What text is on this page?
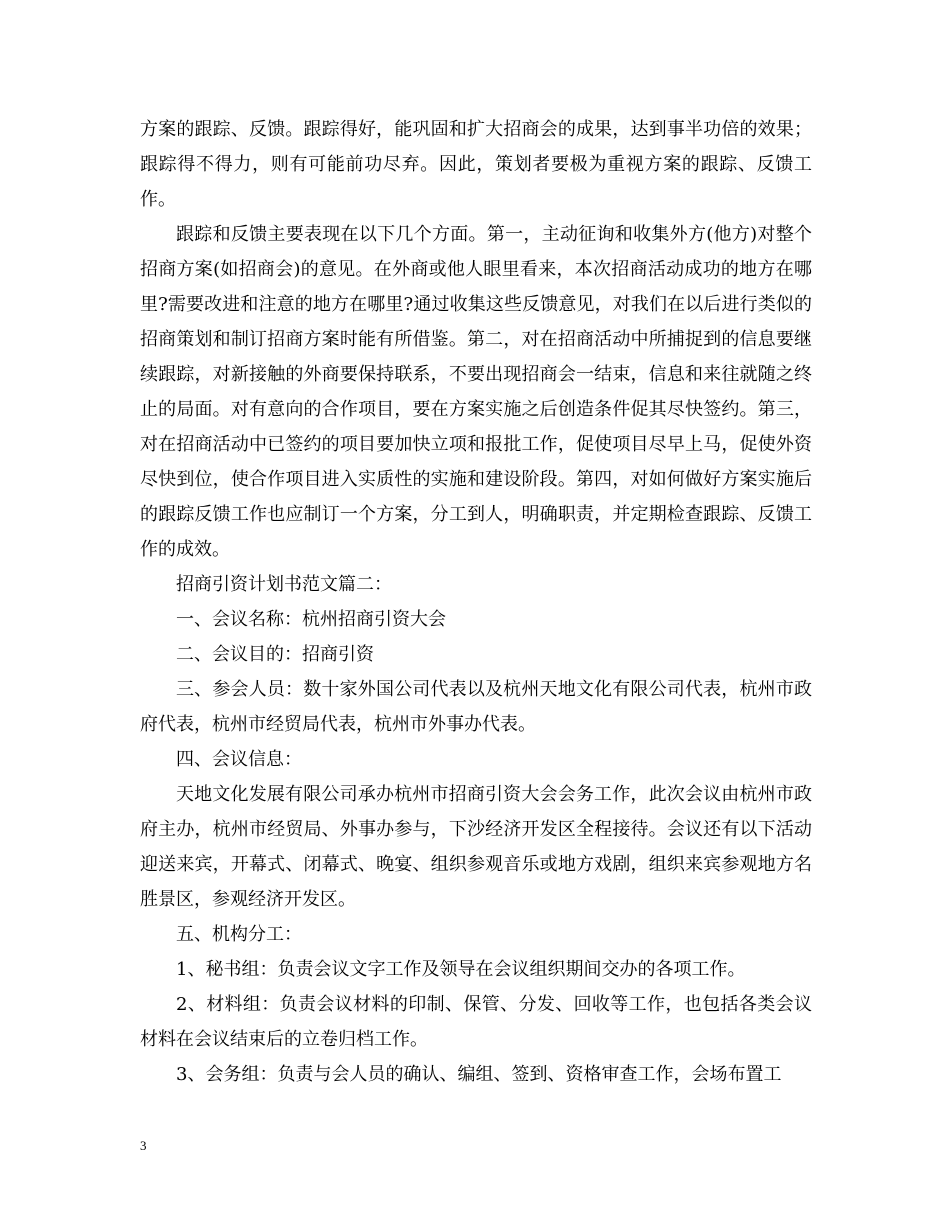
方案的跟踪、反馈。跟踪得好，能巩固和扩大招商会的成果，达到事半功倍的效果；跟踪得不得力，则有可能前功尽弃。因此，策划者要极为重视方案的跟踪、反馈工作。

跟踪和反馈主要表现在以下几个方面。第一，主动征询和收集外方(他方)对整个招商方案(如招商会)的意见。在外商或他人眼里看来，本次招商活动成功的地方在哪里?需要改进和注意的地方在哪里?通过收集这些反馈意见，对我们在以后进行类似的招商策划和制订招商方案时能有所借鉴。第二，对在招商活动中所捕捉到的信息要继续跟踪，对新接触的外商要保持联系，不要出现招商会一结束，信息和来往就随之终止的局面。对有意向的合作项目，要在方案实施之后创造条件促其尽快签约。第三，对在招商活动中已签约的项目要加快立项和报批工作，促使项目尽早上马，促使外资尽快到位，使合作项目进入实质性的实施和建设阶段。第四，对如何做好方案实施后的跟踪反馈工作也应制订一个方案，分工到人，明确职责，并定期检查跟踪、反馈工作的成效。

招商引资计划书范文篇二：

一、会议名称：杭州招商引资大会

二、会议目的：招商引资

三、参会人员：数十家外国公司代表以及杭州天地文化有限公司代表，杭州市政府代表，杭州市经贸局代表，杭州市外事办代表。

四、会议信息：

天地文化发展有限公司承办杭州市招商引资大会会务工作，此次会议由杭州市政府主办，杭州市经贸局、外事办参与，下沙经济开发区全程接待。会议还有以下活动迎送来宾，开幕式、闭幕式、晚宴、组织参观音乐或地方戏剧，组织来宾参观地方名胜景区，参观经济开发区。

五、机构分工：

1、秘书组：负责会议文字工作及领导在会议组织期间交办的各项工作。

2、材料组：负责会议材料的印制、保管、分发、回收等工作，也包括各类会议材料在会议结束后的立卷归档工作。

3、会务组：负责与会人员的确认、编组、签到、资格审查工作，会场布置工

3
